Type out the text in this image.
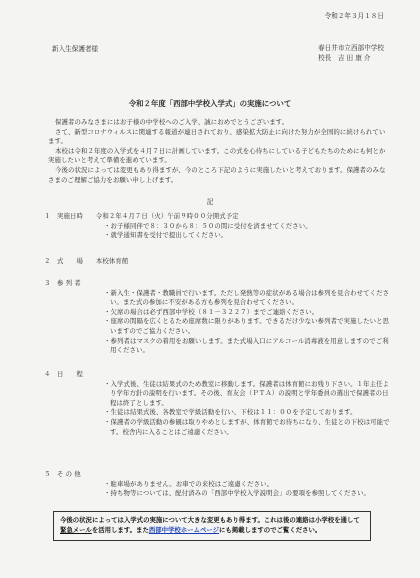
令和２年３月１８日
新入生保護者様	春日井市立西部中学校
校長　吉 田 康 介
令和２年度「西部中学校入学式」の実施について

保護者のみなさまにはお子様の中学校へのご入学、誠におめでとうございます。

さて、新型コロナウィルスに関連する報道が連日されており、感染拡大防止に向けた努力が全国的に続けられています。

本校は令和２年度の入学式を４月７日に計画しています。この式を心待ちにしている子どもたちのためにも何とか実施したいと考えて準備を進めています。

今後の状況によっては変更もあり得ますが、今のところ下記のように実施したいと考えております。保護者のみなさまのご理解ご協力をお願い申し上げます。

記
１　実施日時　　令和２年４月７日（火）午前９時００分開式予定

・お子様同伴で８：３０から８：５０の間に受付を済ませてください。

・就学通知書を受付で提出してください。

２　式　　場　　本校体育館
３　参 列 者

・新入生・保護者・教職員で行います。ただし発熱等の症状がある場合は参列を見合わせてください。また式の参加に不安がある方も参列を見合わせてください。

・欠席の場合は必ず西部中学校（８１－３２２７）までご連絡ください。

・座席の間隔を広くとるため座席数に限りがあります。できるだけ少ない参列者で実施したいと思いますのでご協力ください。

・参列者はマスクの着用をお願いします。また式場入口にアルコール消毒液を用意しますのでご利用ください。

４　日　　程

・入学式後、生徒は結果式のため教室に移動します。保護者は体育館にお残り下さい。１年主任より学年方針の説明を行います。その後、育友会（ＰＴＡ）の説明と学年委員の選出で保護者の日程は終了とします。

・生徒は結果式後、各教室で学級活動を行い、下校は１１：００を予定しております。

・保護者の学級活動の参観は取りやめとしますが、体育館でお待ちになり、生徒との下校は可能です。校舎内に入ることはご遠慮ください。

５　そ の 他

・駐車場がありません。お車での来校はご遠慮ください。

・持ち物等については、配付済みの「西部中学校入学説明会」の要項を参照してください。

今後の状況によっては入学式の実施について大きな変更もあり得ます。これは後の連絡は小学校を通して緊急メールを活用します。また西部中学校ホームページにも掲載しますのでご覧ください。
